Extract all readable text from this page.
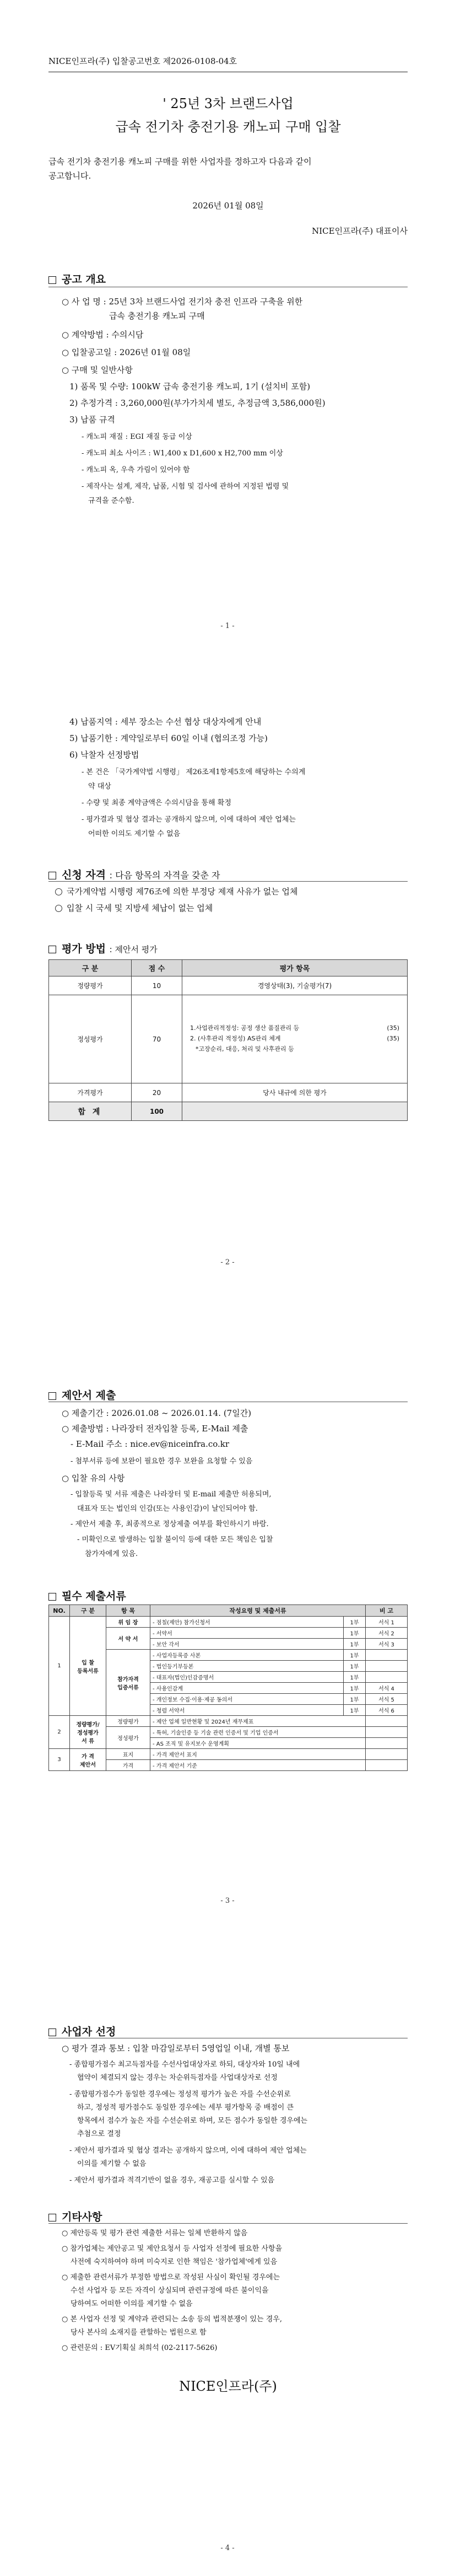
NICE인프라(주) 입찰공고번호 제2026-0108-04호
' 25년 3차 브랜드사업
급속 전기차 충전기용 캐노피 구매 입찰
급속 전기차 충전기용 캐노피 구매를 위한 사업자를 정하고자 다음과 같이
공고합니다.
2026년 01월 08일
NICE인프라(주) 대표이사
공고 개요
○ 사 업 명 : 25년 3차 브랜드사업 전기차 충전 인프라 구축을 위한
급속 충전기용 캐노피 구매
○ 계약방법 : 수의시담
○ 입찰공고일 : 2026년 01월 08일
○ 구매 및 일반사항
1) 품목 및 수량: 100kW 급속 충전기용 캐노피, 1기 (설치비 포함)
2) 추정가격 : 3,260,000원(부가가치세 별도, 추정금액 3,586,000원)
3) 납품 규격
- 캐노피 재질 : EGI 재질 동급 이상
- 캐노피 최소 사이즈 : W1,400 x D1,600 x H2,700 mm 이상
- 캐노피 옥, 우측 가림이 있어야 함
- 제작사는 설계, 제작, 납품, 시험 및 검사에 관하여 지정된 법령 및
규격을 준수함.
- 1 -
4) 납품지역 : 세부 장소는 수선 협상 대상자에게 안내
5) 납품기한 : 계약일로부터 60일 이내 (협의조정 가능)
6) 낙찰자 선정방법
- 본 건은 「국가계약법 시행령」 제26조제1항제5호에 해당하는 수의계
약 대상
- 수량 및 최종 계약금액은 수의시담을 통해 확정
- 평가결과 및 협상 결과는 공개하지 않으며, 이에 대하여 제안 업체는
어떠한 이의도 제기할 수 없음
신청 자격 : 다음 항목의 자격을 갖춘 자
국가계약법 시행령 제76조에 의한 부정당 제재 사유가 없는 업체
입찰 시 국세 및 지방세 체납이 없는 업체
평가 방법 : 제안서 평가
구 분	점 수	평가 항목
정량평가	10	경영상태(3), 기술평가(7)
정성평가	70	1.사업관리적정성: 공정 생산 품질관리 등 (35)
2. (사후관리 적정성) AS관리 체계 (35)
*고장순리, 대응, 처리 및 사후관리 등

가격평가	20	당사 내규에 의한 평가
합 계	100	
- 2 -
제안서 제출
○ 제출기간 : 2026.01.08 ~ 2026.01.14. (7일간)
○ 제출방법 : 나라장터 전자입찰 등록, E-Mail 제출
- E-Mail 주소 : nice.ev@niceinfra.co.kr
- 첨부서류 등에 보완이 필요한 경우 보완을 요청할 수 있음
○ 입찰 유의 사항
- 입찰등록 및 서류 제출은 나라장터 및 E-mail 제출만 허용되며,
대표자 또는 법인의 인감(또는 사용인감)이 날인되어야 함.
- 제안서 제출 후, 최종적으로 정상제출 여부를 확인하시기 바람.
- 미확인으로 발생하는 입찰 불이익 등에 대한 모든 책임은 입찰
참가자에게 있음.
필수 제출서류
NO.	구 분	항 목	작성요령 및 제출서류		비 고
1	입 찰
등록서류	위 임 장	- 점칠(제안) 참가신청서	1부	서식 1
		서 약 서	- 서약서	1부	서식 2
			- 보안 각서	1부	서식 3
		참가자격
입증서류	- 사업자등록증 사본	1부	
			- 법인등기부등본	1부	
			- 대표자(법인)인감증명서	1부	
			- 사용인감계	1부	서식 4
			- 개인정보 수집·이용·제공 동의서	1부	서식 5
			- 청렴 서약서	1부	서식 6
2	정량평가/
정성평가
서 류	정량평가	- 제안 업체 일반현황 및 2024년 재무제표		
		정성평가	- 특허, 기술인증 등 기술 관련 인증서 및 기업 인증서		
			- AS 조직 및 유지보수 운영계획		
3	가 격
제안서	표지	- 가격 제안서 표지		
		가격	- 가격 제안서 기준		
- 3 -
사업자 선정
○ 평가 결과 통보 : 입찰 마감일로부터 5영업일 이내, 개별 통보
- 종합평가점수 최고득점자를 수선사업대상자로 하되, 대상자와 10일 내에
협약이 체결되지 않는 경우는 차순위득점자를 사업대상자로 선정
- 종합평가점수가 동일한 경우에는 정성적 평가가 높은 자를 수선순위로
하고, 정성적 평가점수도 동일한 경우에는 세부 평가항목 중 배점이 큰
항목에서 점수가 높은 자를 수선순위로 하며, 모든 점수가 동일한 경우에는
추첨으로 결정
- 제안서 평가결과 및 협상 결과는 공개하지 않으며, 이에 대하여 제안 업체는
이의를 제기할 수 없음
- 제안서 평가결과 적격기반이 없을 경우, 재공고를 실시할 수 있음
기타사항
○ 제안등록 및 평가 관련 제출한 서류는 일체 반환하지 않음
○ 참가업체는 제안공고 및 제안요청서 등 사업자 선정에 필요한 사항을
사전에 숙지하여야 하며 미숙지로 인한 책임은 '참가업체'에게 있음
○ 제출한 관련서류가 부정한 방법으로 작성된 사실이 확인될 경우에는
수선 사업자 등 모든 자격이 상실되며 관련규정에 따른 불이익을
당하여도 어떠한 이의를 제기할 수 없음
○ 본 사업자 선정 및 계약과 관련되는 소송 등의 법적분쟁이 있는 경우,
당사 본사의 소재지를 관할하는 법원으로 함
○ 관련문의 : EV기획실 최희석 (02-2117-5626)
NICE인프라(주)
- 4 -
